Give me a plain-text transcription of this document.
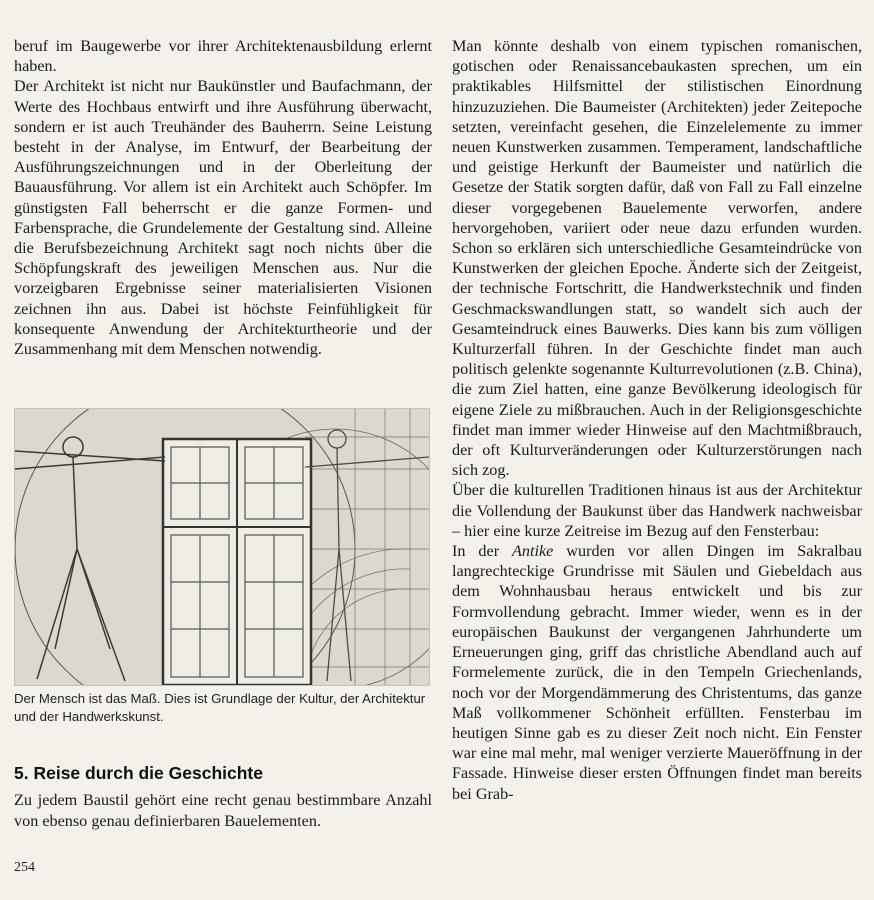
beruf im Baugewerbe vor ihrer Architektenausbildung erlernt haben.

Der Architekt ist nicht nur Baukünstler und Baufachmann, der Werte des Hochbaus entwirft und ihre Ausführung überwacht, sondern er ist auch Treuhänder des Bauherrn. Seine Leistung besteht in der Analyse, im Entwurf, der Bearbeitung der Ausführungszeichnungen und in der Oberleitung der Bauausführung. Vor allem ist ein Architekt auch Schöpfer. Im günstigsten Fall beherrscht er die ganze Formen- und Farbensprache, die Grundelemente der Gestaltung sind. Alleine die Berufsbezeichnung Architekt sagt noch nichts über die Schöpfungskraft des jeweiligen Menschen aus. Nur die vorzeigbaren Ergebnisse seiner materialisierten Visionen zeichnen ihn aus. Dabei ist höchste Feinfühligkeit für konsequente Anwendung der Architekturtheorie und der Zusammenhang mit dem Menschen notwendig.

Der Mensch ist das Maß. Dies ist Grundlage der Kultur, der Architektur und der Handwerkskunst.
5. Reise durch die Geschichte
Zu jedem Baustil gehört eine recht genau bestimmbare Anzahl von ebenso genau definierbaren Bauelementen.

Man könnte deshalb von einem typischen romanischen, gotischen oder Renaissancebaukasten sprechen, um ein praktikables Hilfsmittel der stilistischen Einordnung hinzuzuziehen. Die Baumeister (Architekten) jeder Zeitepoche setzten, vereinfacht gesehen, die Einzelelemente zu immer neuen Kunstwerken zusammen. Temperament, landschaftliche und geistige Herkunft der Baumeister und natürlich die Gesetze der Statik sorgten dafür, daß von Fall zu Fall einzelne dieser vorgegebenen Bauelemente verworfen, andere hervorgehoben, variiert oder neue dazu erfunden wurden. Schon so erklären sich unterschiedliche Gesamteindrücke von Kunstwerken der gleichen Epoche. Änderte sich der Zeitgeist, der technische Fortschritt, die Handwerkstechnik und finden Geschmackswandlungen statt, so wandelt sich auch der Gesamteindruck eines Bauwerks. Dies kann bis zum völligen Kulturzerfall führen. In der Geschichte findet man auch politisch gelenkte sogenannte Kulturrevolutionen (z.B. China), die zum Ziel hatten, eine ganze Bevölkerung ideologisch für eigene Ziele zu mißbrauchen. Auch in der Religionsgeschichte findet man immer wieder Hinweise auf den Machtmißbrauch, der oft Kulturveränderungen oder Kulturzerstörungen nach sich zog.

Über die kulturellen Traditionen hinaus ist aus der Architektur die Vollendung der Baukunst über das Handwerk nachweisbar – hier eine kurze Zeitreise im Bezug auf den Fensterbau:

In der Antike wurden vor allen Dingen im Sakralbau langrechteckige Grundrisse mit Säulen und Giebeldach aus dem Wohnhausbau heraus entwickelt und bis zur Formvollendung gebracht. Immer wieder, wenn es in der europäischen Baukunst der vergangenen Jahrhunderte um Erneuerungen ging, griff das christliche Abendland auch auf Formelemente zurück, die in den Tempeln Griechenlands, noch vor der Morgendämmerung des Christentums, das ganze Maß vollkommener Schönheit erfüllten. Fensterbau im heutigen Sinne gab es zu dieser Zeit noch nicht. Ein Fenster war eine mal mehr, mal weniger verzierte Maueröffnung in der Fassade. Hinweise dieser ersten Öffnungen findet man bereits bei Grab-

254
